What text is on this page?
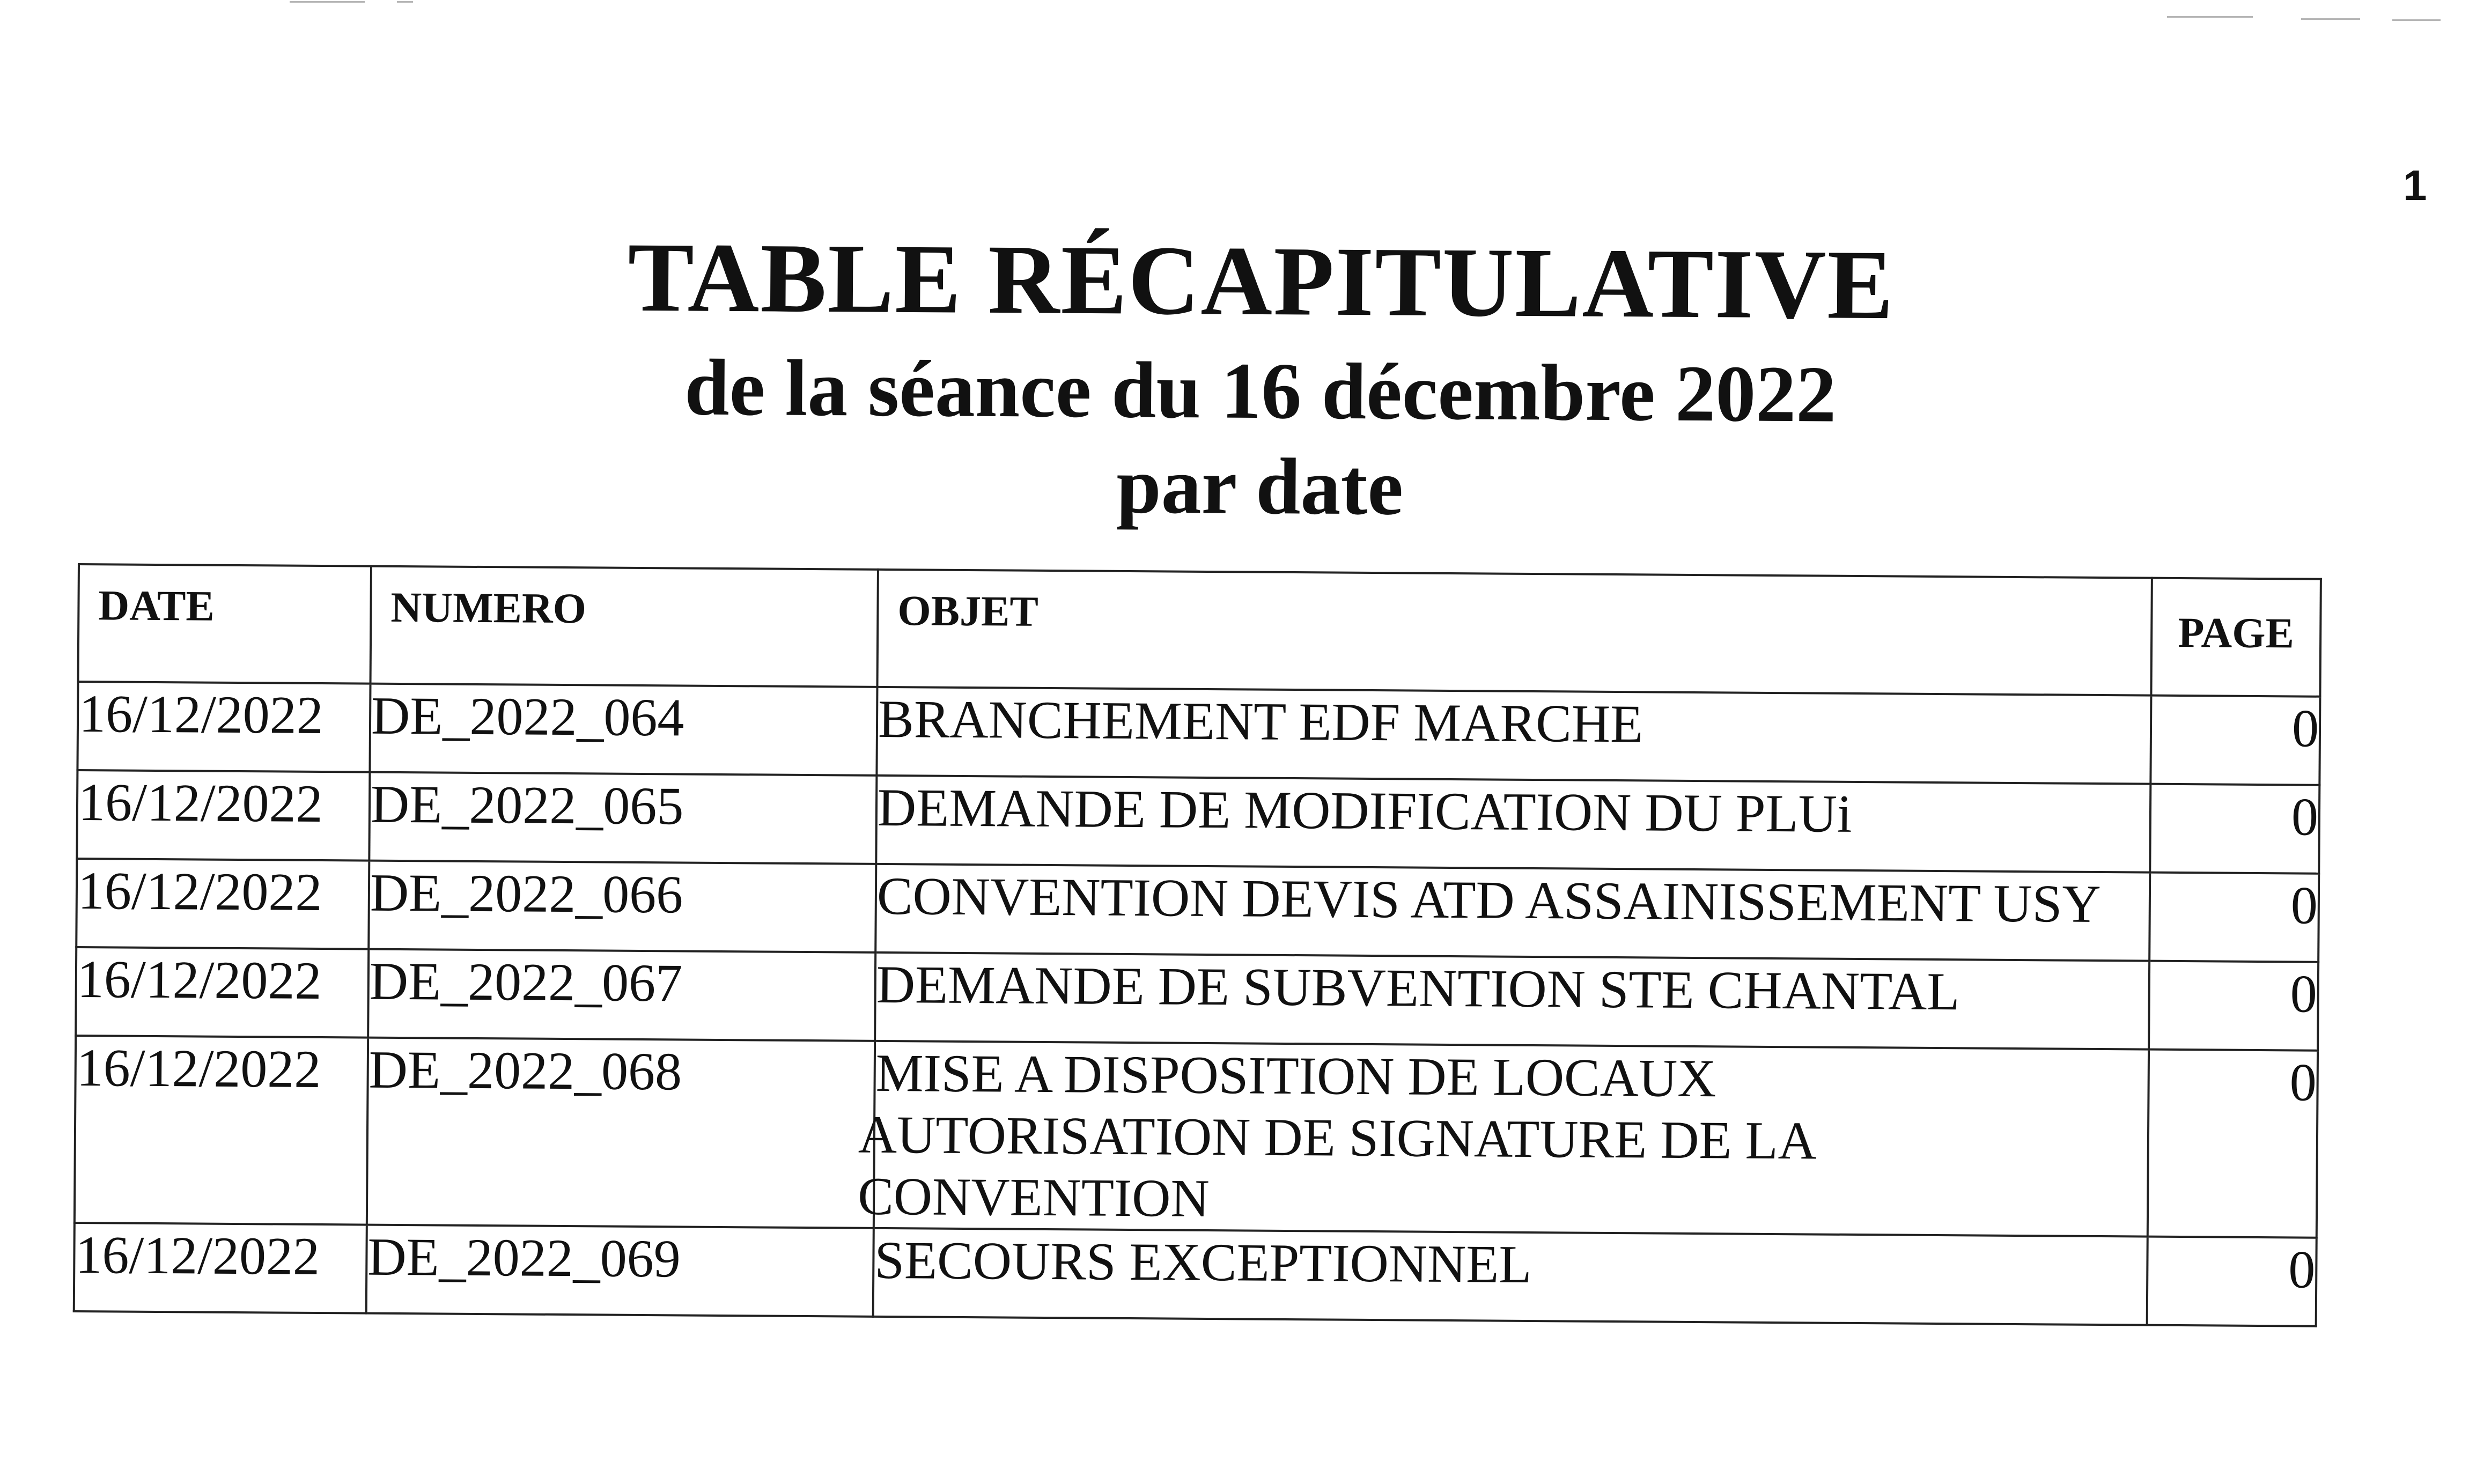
1
TABLE RÉCAPITULATIVE
de la séance du 16 décembre 2022
par date
DATE	NUMERO	OBJET	PAGE
16/12/2022	DE_2022_064	BRANCHEMENT EDF MARCHE	0
16/12/2022	DE_2022_065	DEMANDE DE MODIFICATION DU PLUi	0
16/12/2022	DE_2022_066	CONVENTION DEVIS ATD ASSAINISSEMENT USY	0
16/12/2022	DE_2022_067	DEMANDE DE SUBVENTION STE CHANTAL	0
16/12/2022	DE_2022_068	MISE A DISPOSITION DE LOCAUX
AUTORISATION DE SIGNATURE DE LA
CONVENTION	0
16/12/2022	DE_2022_069	SECOURS EXCEPTIONNEL	0
